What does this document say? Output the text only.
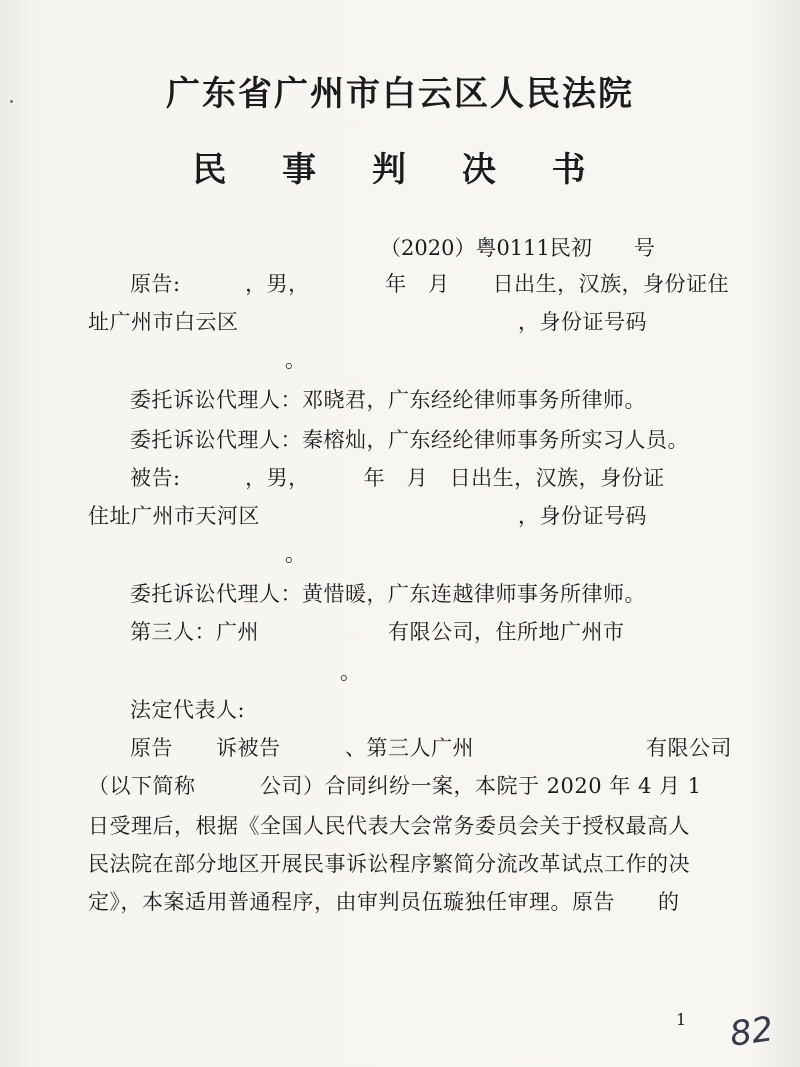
广东省广州市白云区人民法院
民 事 判 决 书
（2020）粤0111民初　　号
原告:　　　，男，　　　　年　月　　日出生，汉族，身份证住
址广州市白云区　　　　　　　　　　　　　，身份证号码
。
委托诉讼代理人：邓晓君，广东经纶律师事务所律师。
委托诉讼代理人：秦榕灿，广东经纶律师事务所实习人员。
被告:　　　，男，　　　年　月　日出生，汉族，身份证
住址广州市天河区　　　　　　　　　　　　，身份证号码
。
委托诉讼代理人：黄惜暖，广东连越律师事务所律师。
第三人：广州　　　　　　有限公司，住所地广州市
。
法定代表人:
原告　　诉被告　　　、第三人广州　　　　　　　　有限公司
（以下简称　　　公司）合同纠纷一案，本院于 2020 年 4 月 1
日受理后，根据《全国人民代表大会常务委员会关于授权最高人
民法院在部分地区开展民事诉讼程序繁简分流改革试点工作的决
定》，本案适用普通程序，由审判员伍璇独任审理。原告　　的
1 82
